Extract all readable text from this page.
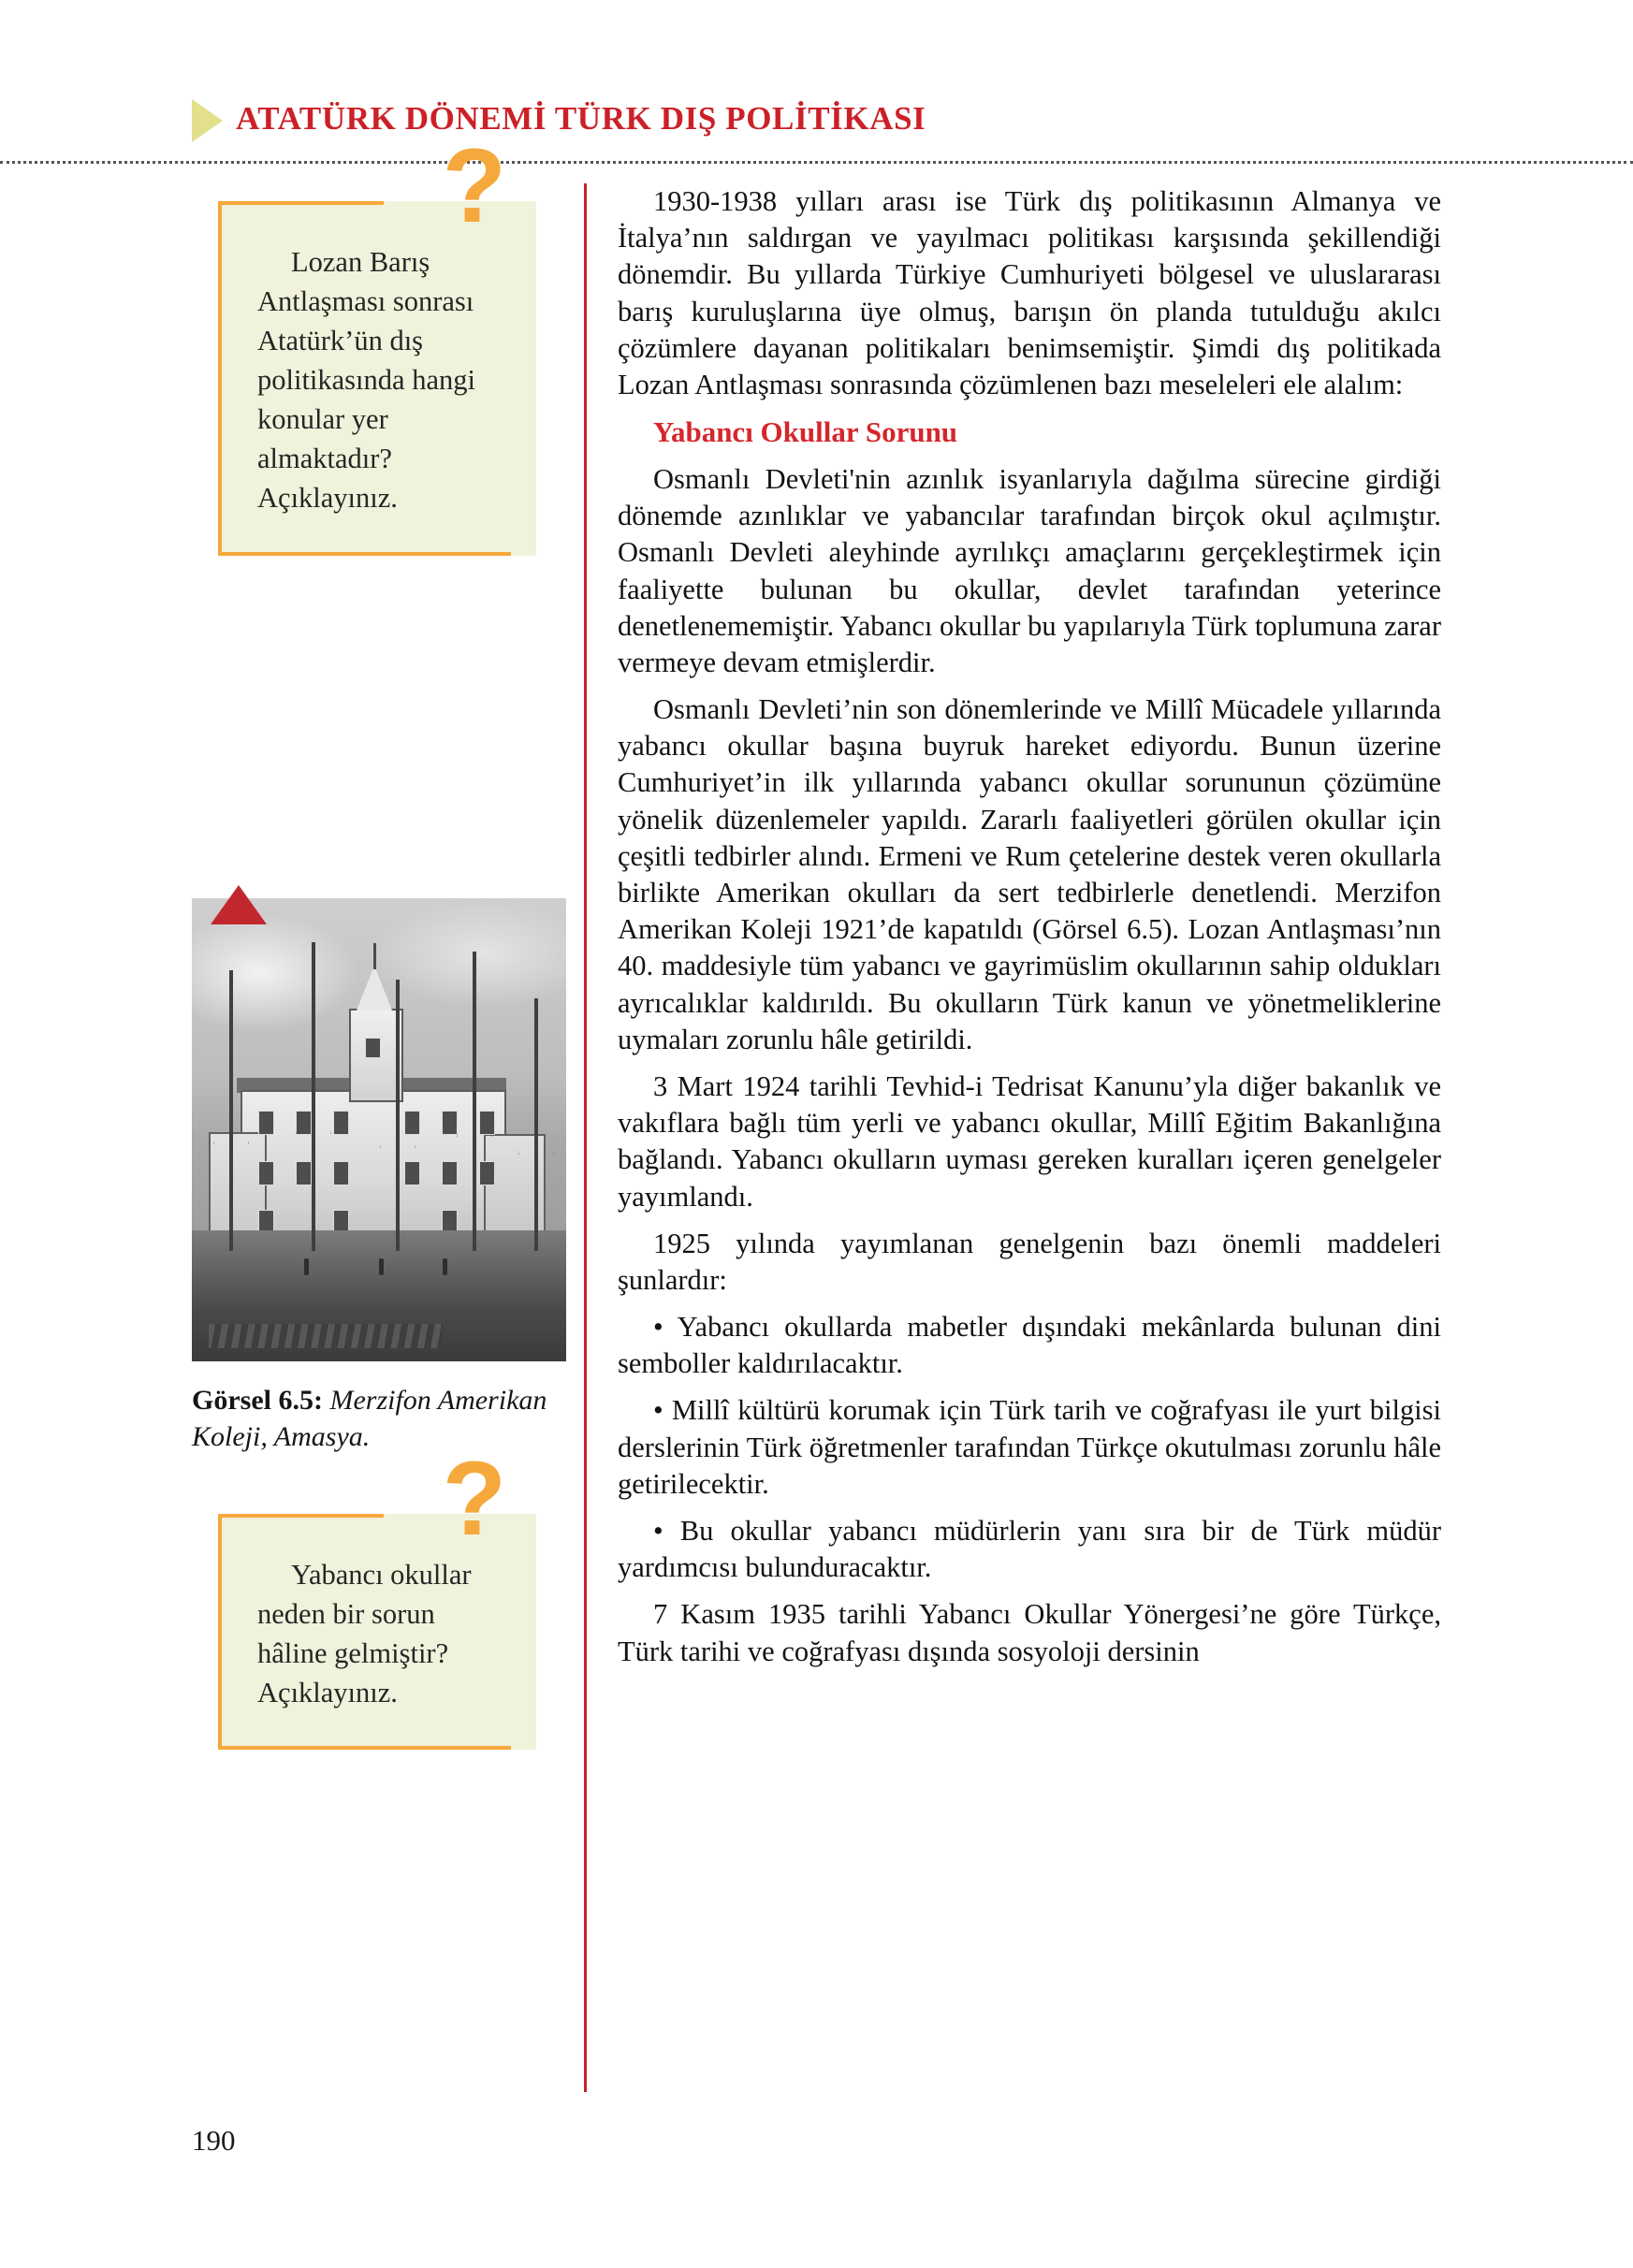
ATATÜRK DÖNEMİ TÜRK DIŞ POLİTİKASI
?

Lozan Barış Antlaşması sonrası Atatürk’ün dış politikasında hangi konular yer almaktadır? Açıklayınız.

Görsel 6.5: Merzifon Amerikan Koleji, Amasya.
?

Yabancı okullar neden bir sorun hâline gelmiştir? Açıklayınız.

1930-1938 yılları arası ise Türk dış politikasının Almanya ve İtalya’nın saldırgan ve yayılmacı politikası karşısında şekillendiği dönemdir. Bu yıllarda Türkiye Cumhuriyeti bölgesel ve uluslararası barış kuruluşlarına üye olmuş, barışın ön planda tutulduğu akılcı çözümlere dayanan politikaları benimsemiştir. Şimdi dış politikada Lozan Antlaşması sonrasında çözümlenen bazı meseleleri ele alalım:

Yabancı Okullar Sorunu

Osmanlı Devleti'nin azınlık isyanlarıyla dağılma sürecine girdiği dönemde azınlıklar ve yabancılar tarafından birçok okul açılmıştır. Osmanlı Devleti aleyhinde ayrılıkçı amaçlarını gerçekleştirmek için faaliyette bulunan bu okullar, devlet tarafından yeterince denetlenememiştir. Yabancı okullar bu yapılarıyla Türk toplumuna zarar vermeye devam etmişlerdir.

Osmanlı Devleti’nin son dönemlerinde ve Millî Mücadele yıllarında yabancı okullar başına buyruk hareket ediyordu. Bunun üzerine Cumhuriyet’in ilk yıllarında yabancı okullar sorununun çözümüne yönelik düzenlemeler yapıldı. Zararlı faaliyetleri görülen okullar için çeşitli tedbirler alındı. Ermeni ve Rum çetelerine destek veren okullarla birlikte Amerikan okulları da sert tedbirlerle denetlendi. Merzifon Amerikan Koleji 1921’de kapatıldı (Görsel 6.5). Lozan Antlaşması’nın 40. maddesiyle tüm yabancı ve gayrimüslim okullarının sahip oldukları ayrıcalıklar kaldırıldı. Bu okulların Türk kanun ve yönetmeliklerine uymaları zorunlu hâle getirildi.

3 Mart 1924 tarihli Tevhid-i Tedrisat Kanunu’yla diğer bakanlık ve vakıflara bağlı tüm yerli ve yabancı okullar, Millî Eğitim Bakanlığına bağlandı. Yabancı okulların uyması gereken kuralları içeren genelgeler yayımlandı.

1925 yılında yayımlanan genelgenin bazı önemli maddeleri şunlardır:

• Yabancı okullarda mabetler dışındaki mekânlarda bulunan dini semboller kaldırılacaktır.

• Millî kültürü korumak için Türk tarih ve coğrafyası ile yurt bilgisi derslerinin Türk öğretmenler tarafından Türkçe okutulması zorunlu hâle getirilecektir.

• Bu okullar yabancı müdürlerin yanı sıra bir de Türk müdür yardımcısı bulunduracaktır.

7 Kasım 1935 tarihli Yabancı Okullar Yönergesi’ne göre Türkçe, Türk tarihi ve coğrafyası dışında sosyoloji dersinin

190
